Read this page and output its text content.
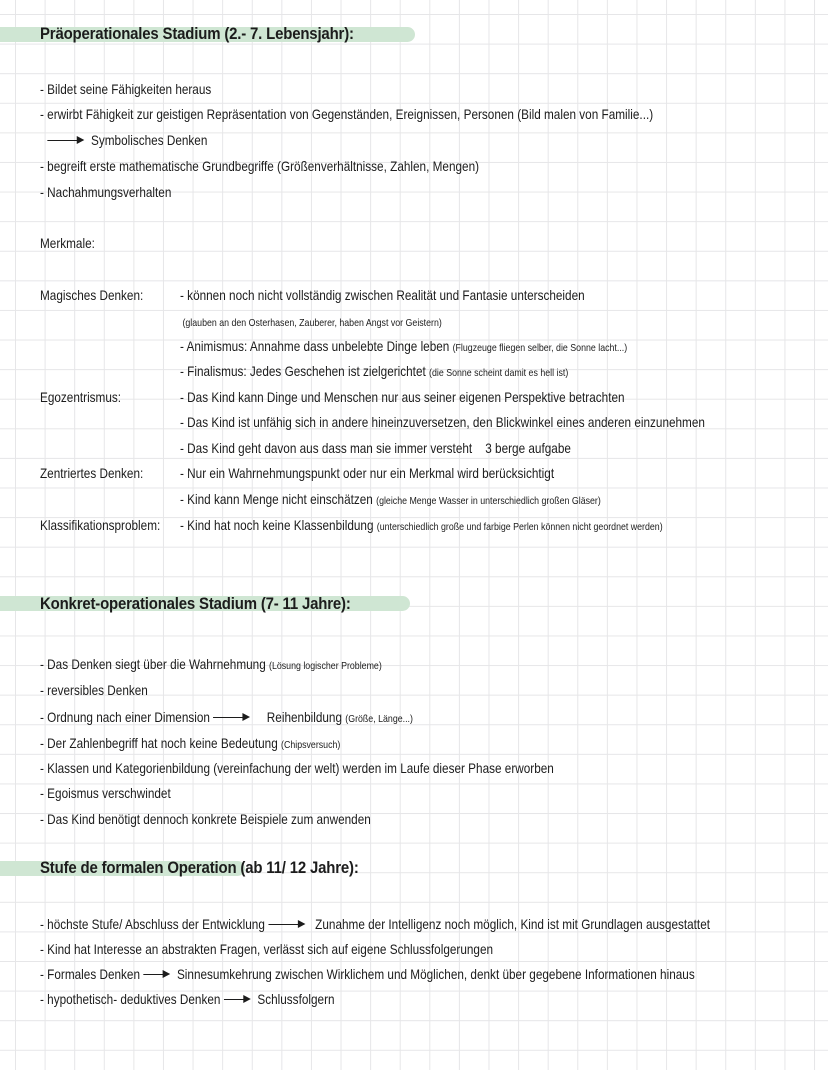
Präoperationales Stadium (2.- 7. Lebensjahr):
- Bildet seine Fähigkeiten heraus
- erwirbt Fähigkeit zur geistigen Repräsentation von Gegenständen, Ereignissen, Personen (Bild malen von Familie...)
Symbolisches Denken
- begreift erste mathematische Grundbegriffe (Größenverhältnisse, Zahlen, Mengen)
- Nachahmungsverhalten
Merkmale:
Magisches Denken:	- können noch nicht vollständig zwischen Realität und Fantasie unterscheiden
(glauben an den Osterhasen, Zauberer, haben Angst vor Geistern)
- Animismus: Annahme dass unbelebte Dinge leben (Flugzeuge fliegen selber, die Sonne lacht...)
- Finalismus: Jedes Geschehen ist zielgerichtet (die Sonne scheint damit es hell ist)
Egozentrismus:	- Das Kind kann Dinge und Menschen nur aus seiner eigenen Perspektive betrachten
- Das Kind ist unfähig sich in andere hineinzuversetzen, den Blickwinkel eines anderen einzunehmen
- Das Kind geht davon aus dass man sie immer versteht    3 berge aufgabe
Zentriertes Denken:	- Nur ein Wahrnehmungspunkt oder nur ein Merkmal wird berücksichtigt
- Kind kann Menge nicht einschätzen (gleiche Menge Wasser in unterschiedlich großen Gläser)
Klassifikationsproblem: - Kind hat noch keine Klassenbildung (unterschiedlich große und farbige Perlen können nicht geordnet werden)
Konkret-operationales Stadium (7- 11 Jahre):
- Das Denken siegt über die Wahrnehmung (Lösung logischer Probleme)
- reversibles Denken
- Ordnung nach einer Dimension	Reihenbildung (Größe, Länge...)
- Der Zahlenbegriff hat noch keine Bedeutung (Chipsversuch)
- Klassen und Kategorienbildung (vereinfachung der welt) werden im Laufe dieser Phase erworben
- Egoismus verschwindet
- Das Kind benötigt dennoch konkrete Beispiele zum anwenden
Stufe de formalen Operation (ab 11/ 12 Jahre):
- höchste Stufe/ Abschluss der Entwicklung	Zunahme der Intelligenz noch möglich, Kind ist mit Grundlagen ausgestattet
- Kind hat Interesse an abstrakten Fragen, verlässt sich auf eigene Schlussfolgerungen
- Formales Denken	Sinnesumkehrung zwischen Wirklichem und Möglichen, denkt über gegebene Informationen hinaus
- hypothetisch- deduktives Denken	Schlussfolgern
